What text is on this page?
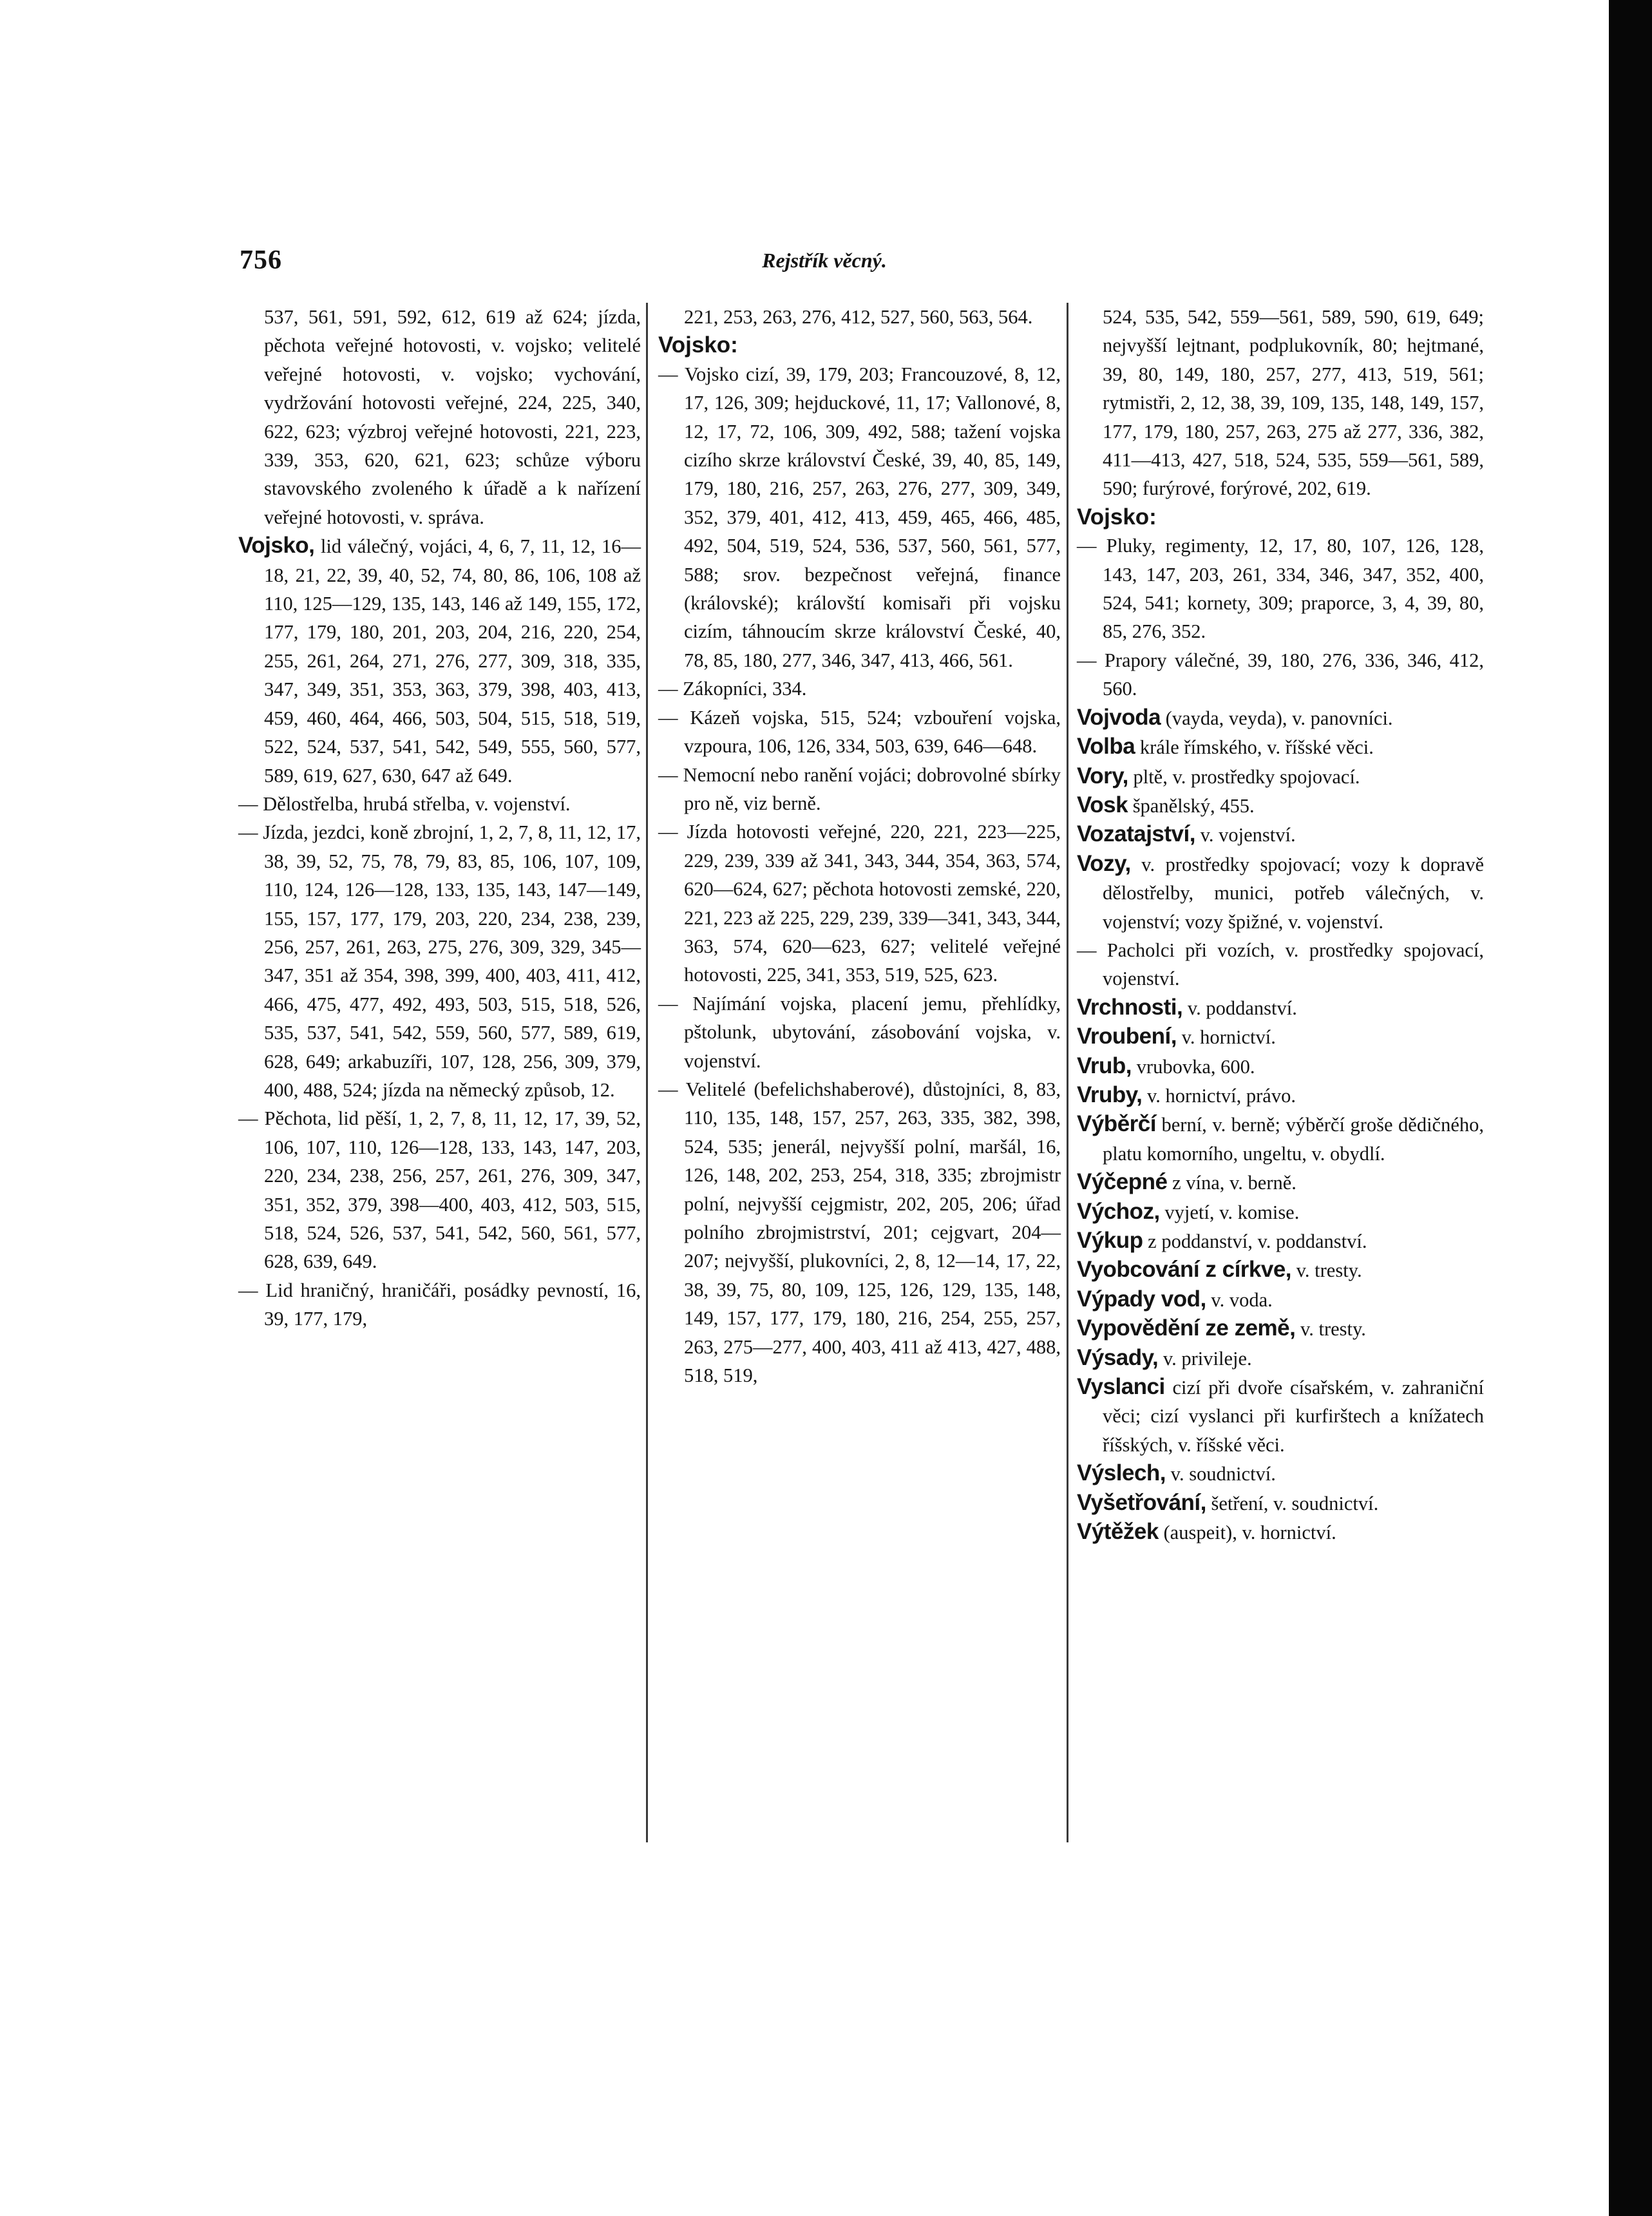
756	Rejstřík věcný.

537, 561, 591, 592, 612, 619 až 624; jízda, pěchota veřejné hotovosti, v. vojsko; velitelé veřejné hotovosti, v. vojsko; vychování, vydržování hotovosti veřejné, 224, 225, 340, 622, 623; výzbroj veřejné hotovosti, 221, 223, 339, 353, 620, 621, 623; schůze výboru stavovského zvoleného k úřadě a k nařízení veřejné hotovosti, v. správa.

Vojsko, lid válečný, vojáci, 4, 6, 7, 11, 12, 16—18, 21, 22, 39, 40, 52, 74, 80, 86, 106, 108 až 110, 125—129, 135, 143, 146 až 149, 155, 172, 177, 179, 180, 201, 203, 204, 216, 220, 254, 255, 261, 264, 271, 276, 277, 309, 318, 335, 347, 349, 351, 353, 363, 379, 398, 403, 413, 459, 460, 464, 466, 503, 504, 515, 518, 519, 522, 524, 537, 541, 542, 549, 555, 560, 577, 589, 619, 627, 630, 647 až 649.

— Dělostřelba, hrubá střelba, v. vojenství.

— Jízda, jezdci, koně zbrojní, 1, 2, 7, 8, 11, 12, 17, 38, 39, 52, 75, 78, 79, 83, 85, 106, 107, 109, 110, 124, 126—128, 133, 135, 143, 147—149, 155, 157, 177, 179, 203, 220, 234, 238, 239, 256, 257, 261, 263, 275, 276, 309, 329, 345—347, 351 až 354, 398, 399, 400, 403, 411, 412, 466, 475, 477, 492, 493, 503, 515, 518, 526, 535, 537, 541, 542, 559, 560, 577, 589, 619, 628, 649; arkabuzíři, 107, 128, 256, 309, 379, 400, 488, 524; jízda na německý způsob, 12.

— Pěchota, lid pěší, 1, 2, 7, 8, 11, 12, 17, 39, 52, 106, 107, 110, 126—128, 133, 143, 147, 203, 220, 234, 238, 256, 257, 261, 276, 309, 347, 351, 352, 379, 398—400, 403, 412, 503, 515, 518, 524, 526, 537, 541, 542, 560, 561, 577, 628, 639, 649.

— Lid hraničný, hraničáři, posádky pevností, 16, 39, 177, 179,

221, 253, 263, 276, 412, 527, 560, 563, 564.

Vojsko:

— Vojsko cizí, 39, 179, 203; Francouzové, 8, 12, 17, 126, 309; hejduckové, 11, 17; Vallonové, 8, 12, 17, 72, 106, 309, 492, 588; tažení vojska cizího skrze království České, 39, 40, 85, 149, 179, 180, 216, 257, 263, 276, 277, 309, 349, 352, 379, 401, 412, 413, 459, 465, 466, 485, 492, 504, 519, 524, 536, 537, 560, 561, 577, 588; srov. bezpečnost veřejná, finance (královské); královští komisaři při vojsku cizím, táhnoucím skrze království České, 40, 78, 85, 180, 277, 346, 347, 413, 466, 561.

— Zákopníci, 334.

— Kázeň vojska, 515, 524; vzbouření vojska, vzpoura, 106, 126, 334, 503, 639, 646—648.

— Nemocní nebo ranění vojáci; dobrovolné sbírky pro ně, viz berně.

— Jízda hotovosti veřejné, 220, 221, 223—225, 229, 239, 339 až 341, 343, 344, 354, 363, 574, 620—624, 627; pěchota hotovosti zemské, 220, 221, 223 až 225, 229, 239, 339—341, 343, 344, 363, 574, 620—623, 627; velitelé veřejné hotovosti, 225, 341, 353, 519, 525, 623.

— Najímání vojska, placení jemu, přehlídky, pštolunk, ubytování, zásobování vojska, v. vojenství.

— Velitelé (befelichshaberové), důstojníci, 8, 83, 110, 135, 148, 157, 257, 263, 335, 382, 398, 524, 535; jenerál, nejvyšší polní, maršál, 16, 126, 148, 202, 253, 254, 318, 335; zbrojmistr polní, nejvyšší cejgmistr, 202, 205, 206; úřad polního zbrojmistrství, 201; cejgvart, 204—207; nejvyšší, plukovníci, 2, 8, 12—14, 17, 22, 38, 39, 75, 80, 109, 125, 126, 129, 135, 148, 149, 157, 177, 179, 180, 216, 254, 255, 257, 263, 275—277, 400, 403, 411 až 413, 427, 488, 518, 519,

524, 535, 542, 559—561, 589, 590, 619, 649; nejvyšší lejtnant, podplukovník, 80; hejtmané, 39, 80, 149, 180, 257, 277, 413, 519, 561; rytmistři, 2, 12, 38, 39, 109, 135, 148, 149, 157, 177, 179, 180, 257, 263, 275 až 277, 336, 382, 411—413, 427, 518, 524, 535, 559—561, 589, 590; furýrové, forýrové, 202, 619.

Vojsko:

— Pluky, regimenty, 12, 17, 80, 107, 126, 128, 143, 147, 203, 261, 334, 346, 347, 352, 400, 524, 541; kornety, 309; praporce, 3, 4, 39, 80, 85, 276, 352.

— Prapory válečné, 39, 180, 276, 336, 346, 412, 560.

Vojvoda (vayda, veyda), v. panovníci.

Volba krále římského, v. říšské věci.

Vory, pltě, v. prostředky spojovací.

Vosk španělský, 455.

Vozatajství, v. vojenství.

Vozy, v. prostředky spojovací; vozy k dopravě dělostřelby, munici, potřeb válečných, v. vojenství; vozy špižné, v. vojenství.

— Pacholci při vozích, v. prostředky spojovací, vojenství.

Vrchnosti, v. poddanství.

Vroubení, v. hornictví.

Vrub, vrubovka, 600.

Vruby, v. hornictví, právo.

Výběrčí berní, v. berně; výběrčí groše dědičného, platu komorního, ungeltu, v. obydlí.

Výčepné z vína, v. berně.

Výchoz, vyjetí, v. komise.

Výkup z poddanství, v. poddanství.

Vyobcování z církve, v. tresty.

Výpady vod, v. voda.

Vypovědění ze země, v. tresty.

Výsady, v. privileje.

Vyslanci cizí při dvoře císařském, v. zahraniční věci; cizí vyslanci při kurfirštech a knížatech říšských, v. říšské věci.

Výslech, v. soudnictví.

Vyšetřování, šetření, v. soudnictví.

Výtěžek (auspeit), v. hornictví.
